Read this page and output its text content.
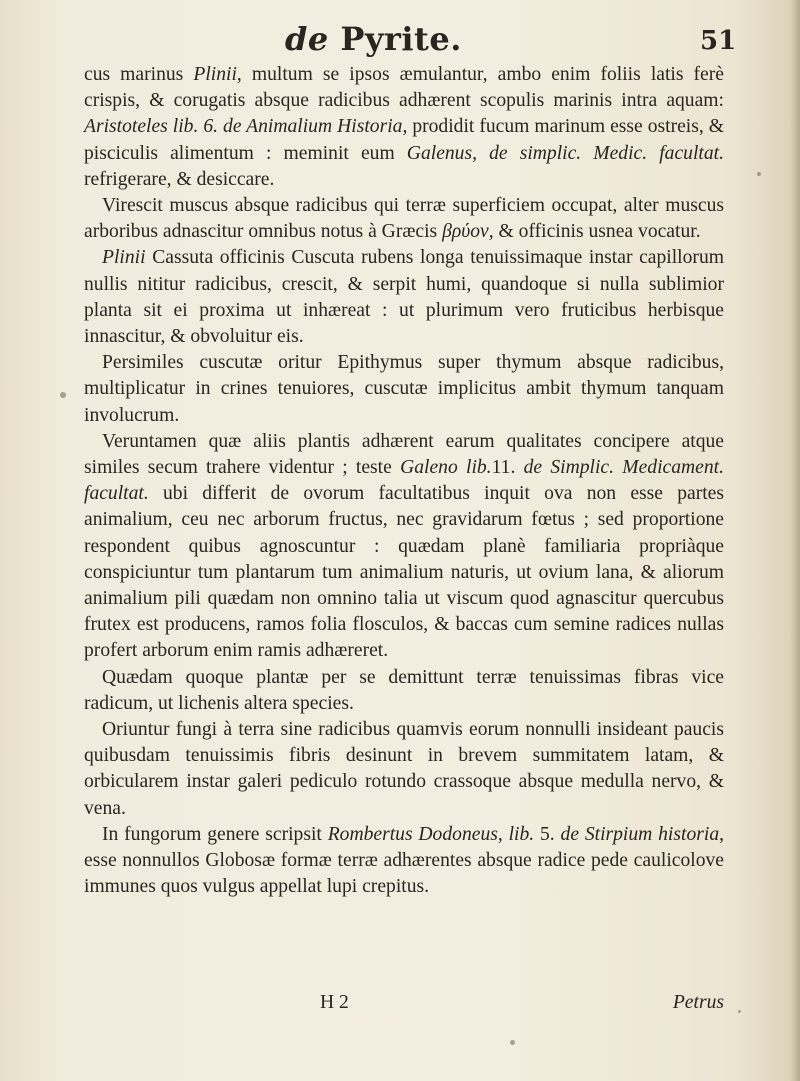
de Pyrite.	51

cus marinus Plinii, multum se ipsos æmulantur, ambo enim foliis latis ferè crispis, & corugatis absque radicibus adhærent scopulis marinis intra aquam: Aristoteles lib. 6. de Animalium Historia, prodidit fucum marinum esse ostreis, & pisciculis alimentum : meminit eum Galenus, de simplic. Medic. facultat. refrigerare, & desiccare.

Virescit muscus absque radicibus qui terræ superficiem occupat, alter muscus arboribus adnascitur omnibus notus à Græcis βρύον, & officinis usnea vocatur.

Plinii Cassuta officinis Cuscuta rubens longa tenuissimaque instar capillorum nullis nititur radicibus, crescit, & serpit humi, quandoque si nulla sublimior planta sit ei proxima ut inhæreat : ut plurimum vero fruticibus herbisque innascitur, & obvoluitur eis.

Persimiles cuscutæ oritur Epithymus super thymum absque radicibus, multiplicatur in crines tenuiores, cuscutæ implicitus ambit thymum tanquam involucrum.

Veruntamen quæ aliis plantis adhærent earum qualitates concipere atque similes secum trahere videntur ; teste Galeno lib.11. de Simplic. Medicament. facultat. ubi differit de ovorum facultatibus inquit ova non esse partes animalium, ceu nec arborum fructus, nec gravidarum fœtus ; sed proportione respondent quibus agnoscuntur : quædam planè familiaria propriàque conspiciuntur tum plantarum tum animalium naturis, ut ovium lana, & aliorum animalium pili quædam non omnino talia ut viscum quod agnascitur quercubus frutex est producens, ramos folia flosculos, & baccas cum semine radices nullas profert arborum enim ramis adhæreret.

Quædam quoque plantæ per se demittunt terræ tenuissimas fibras vice radicum, ut lichenis altera species.

Oriuntur fungi à terra sine radicibus quamvis eorum nonnulli insideant paucis quibusdam tenuissimis fibris desinunt in brevem summitatem latam, & orbicularem instar galeri pediculo rotundo crassoque absque medulla nervo, & vena.

In fungorum genere scripsit Rombertus Dodoneus, lib. 5. de Stirpium historia, esse nonnullos Globosæ formæ terræ adhærentes absque radice pede caulicolove immunes quos vulgus appellat lupi crepitus.

H 2	Petrus
